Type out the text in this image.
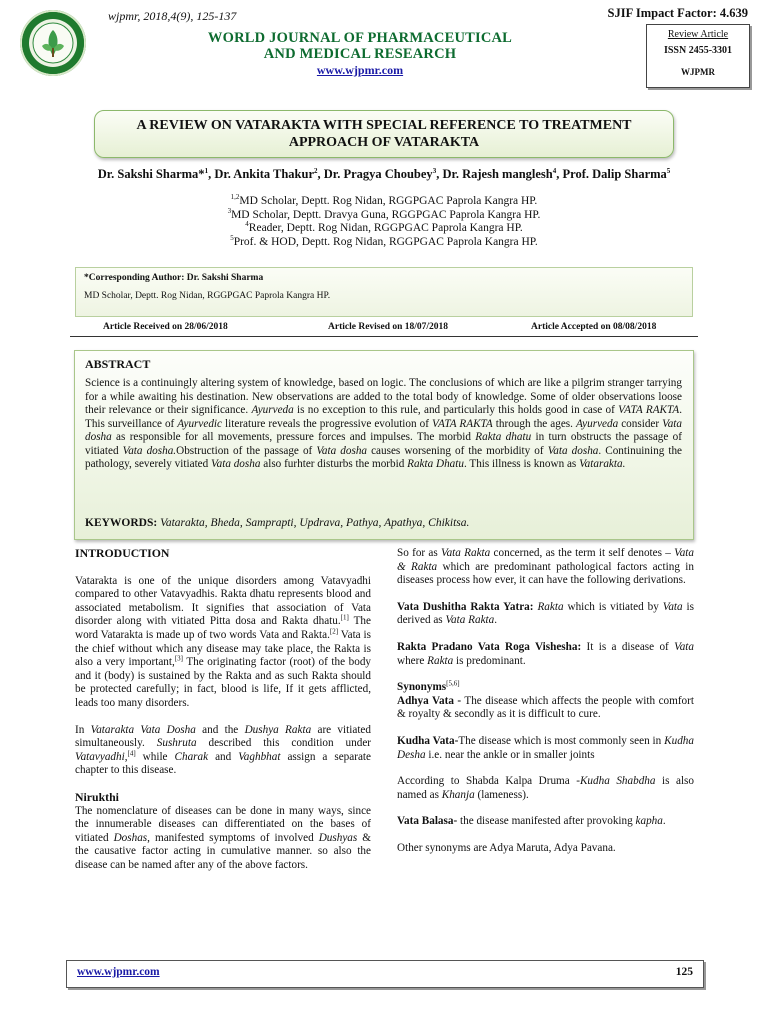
wjpmr, 2018,4(9), 125-137	SJIF Impact Factor: 4.639
WORLD JOURNAL OF PHARMACEUTICAL
AND MEDICAL RESEARCH
www.wjpmr.com
Review Article
ISSN 2455-3301
WJPMR
A REVIEW ON VATARAKTA WITH SPECIAL REFERENCE TO TREATMENT
APPROACH OF VATARAKTA
Dr. Sakshi Sharma*$^1$, Dr. Ankita Thakur$^2$, Dr. Pragya Choubey$^3$, Dr. Rajesh manglesh$^4$, Prof. Dalip Sharma$^5$
$^{1,2}$MD Scholar, Deptt. Rog Nidan, RGGPGAC Paprola Kangra HP.
$^3$MD Scholar, Deptt. Dravya Guna, RGGPGAC Paprola Kangra HP.
$^4$Reader, Deptt. Rog Nidan, RGGPGAC Paprola Kangra HP.
$^5$Prof. & HOD, Deptt. Rog Nidan, RGGPGAC Paprola Kangra HP.
*Corresponding Author: Dr. Sakshi Sharma
MD Scholar, Deptt. Rog Nidan, RGGPGAC Paprola Kangra HP.
Article Received on 28/06/2018	Article Revised on 18/07/2018	Article Accepted on 08/08/2018
ABSTRACT
Science is a continuingly altering system of knowledge, based on logic. The conclusions of which are like a pilgrim stranger tarrying for a while awaiting his destination. New observations are added to the total body of knowledge. Some of older observations loose their relevance or their significance. Ayurveda is no exception to this rule, and particularly this holds good in case of VATA RAKTA. This surveillance of Ayurvedic literature reveals the progressive evolution of VATA RAKTA through the ages. Ayurveda consider Vata dosha as responsible for all movements, pressure forces and impulses. The morbid Rakta dhatu in turn obstructs the passage of vitiated Vata dosha.Obstruction of the passage of Vata dosha causes worsening of the morbidity of Vata dosha. Continuining the pathology, severely vitiated Vata dosha also furhter disturbs the morbid Rakta Dhatu. This illness is known as Vatarakta.
KEYWORDS: Vatarakta, Bheda, Samprapti, Updrava, Pathya, Apathya, Chikitsa.
INTRODUCTION

Vatarakta is one of the unique disorders among Vatavyadhi compared to other Vatavyadhis. Rakta dhatu represents blood and associated metabolism. It signifies that association of Vata disorder along with vitiated Pitta dosa and Rakta dhatu.[1] The word Vatarakta is made up of two words Vata and Rakta.[2] Vata is the chief without which any disease may take place, the Rakta is also a very important,[3] The originating factor (root) of the body and it (body) is sustained by the Rakta and as such Rakta should be protected carefully; in fact, blood is life, If it gets afflicted, leads too many disorders.

In Vatarakta Vata Dosha and the Dushya Rakta are vitiated simultaneously. Sushruta described this condition under Vatavyadhi,[4] while Charak and Vaghbhat assign a separate chapter to this disease.

Nirukthi

The nomenclature of diseases can be done in many ways, since the innumerable diseases can differentiated on the bases of vitiated Doshas, manifested symptoms of involved Dushyas & the causative factor acting in cumulative manner. so also the disease can be named after any of the above factors.

So for as Vata Rakta concerned, as the term it self denotes – Vata & Rakta which are predominant pathological factors acting in diseases process how ever, it can have the following derivations.

Vata Dushitha Rakta Yatra: Rakta which is vitiated by Vata is derived as Vata Rakta.

Rakta Pradano Vata Roga Vishesha: It is a disease of Vata where Rakta is predominant.

Synonyms[5,6]

Adhya Vata - The disease which affects the people with comfort & royalty & secondly as it is difficult to cure.

Kudha Vata-The disease which is most commonly seen in Kudha Desha i.e. near the ankle or in smaller joints

According to Shabda Kalpa Druma -Kudha Shabdha is also named as Khanja (lameness).

Vata Balasa- the disease manifested after provoking kapha.

Other synonyms are Adya Maruta, Adya Pavana.

www.wjpmr.com	125
